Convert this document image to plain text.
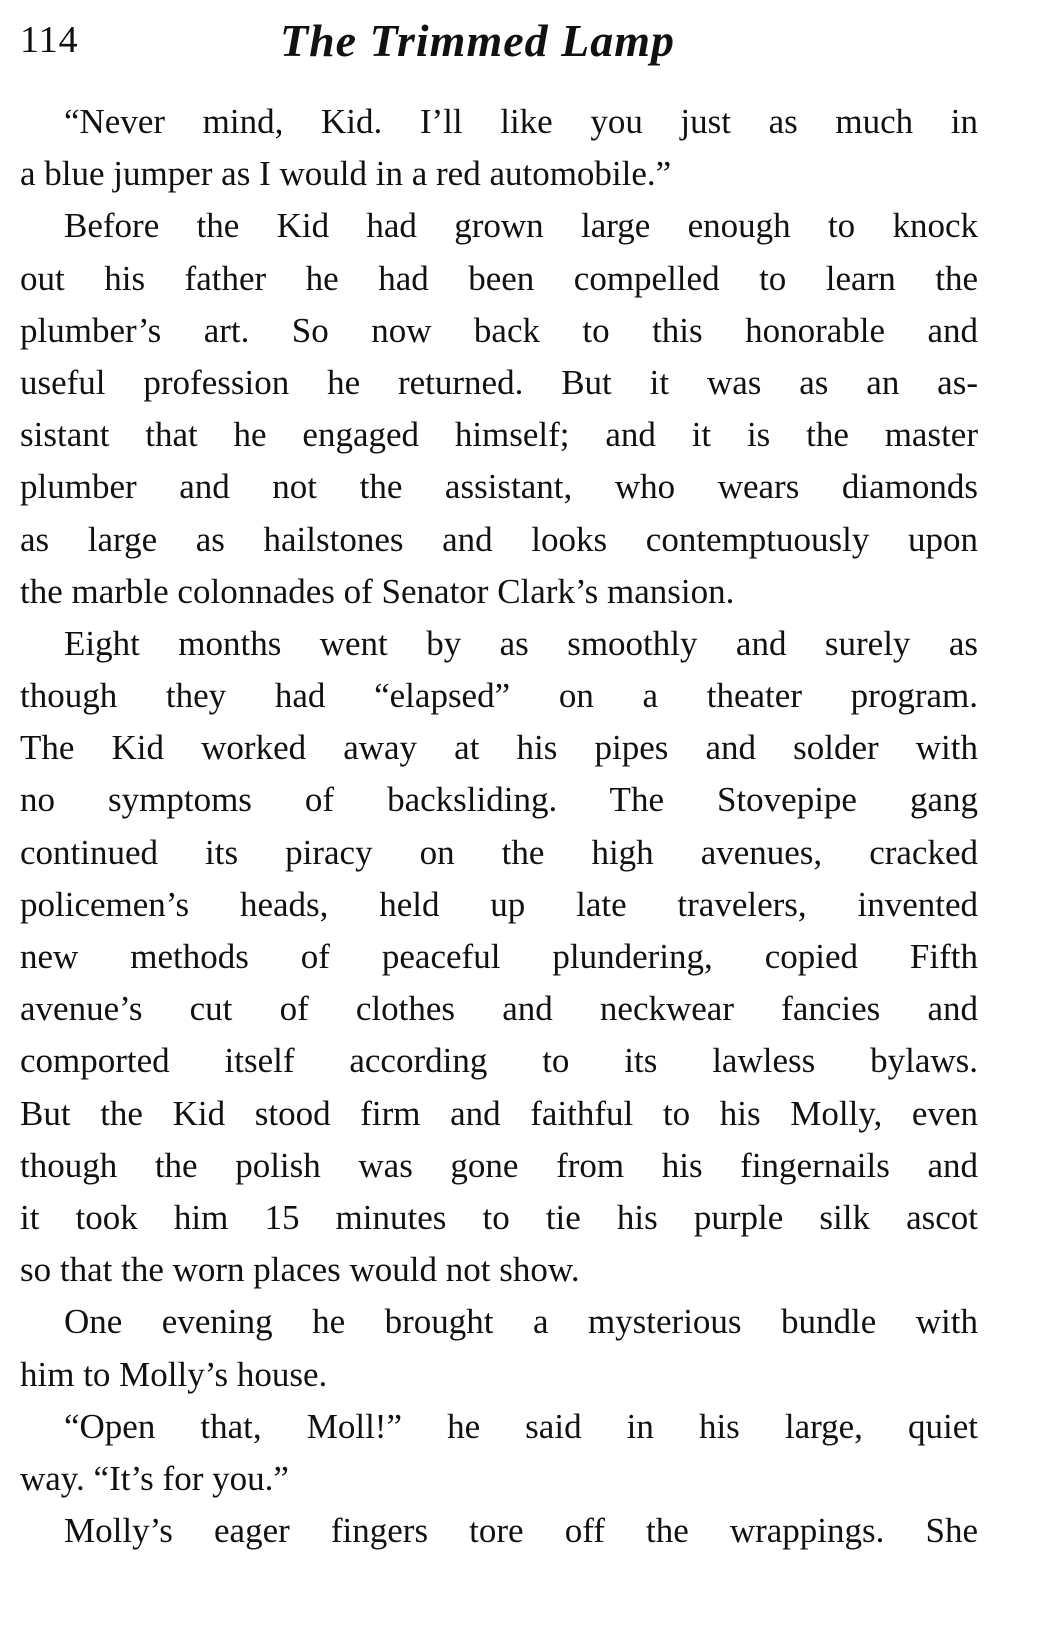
114	The Trimmed Lamp
“Never mind, Kid. I’ll like you just as much in
a blue jumper as I would in a red automobile.”
Before the Kid had grown large enough to knock
out his father he had been compelled to learn the
plumber’s art. So now back to this honorable and
useful profession he returned. But it was as an as-
sistant that he engaged himself; and it is the master
plumber and not the assistant, who wears diamonds
as large as hailstones and looks contemptuously upon
the marble colonnades of Senator Clark’s mansion.
Eight months went by as smoothly and surely as
though they had “elapsed” on a theater program.
The Kid worked away at his pipes and solder with
no symptoms of backsliding. The Stovepipe gang
continued its piracy on the high avenues, cracked
policemen’s heads, held up late travelers, invented
new methods of peaceful plundering, copied Fifth
avenue’s cut of clothes and neckwear fancies and
comported itself according to its lawless bylaws.
But the Kid stood firm and faithful to his Molly, even
though the polish was gone from his fingernails and
it took him 15 minutes to tie his purple silk ascot
so that the worn places would not show.
One evening he brought a mysterious bundle with
him to Molly’s house.
“Open that, Moll!” he said in his large, quiet
way. “It’s for you.”
Molly’s eager fingers tore off the wrappings. She
